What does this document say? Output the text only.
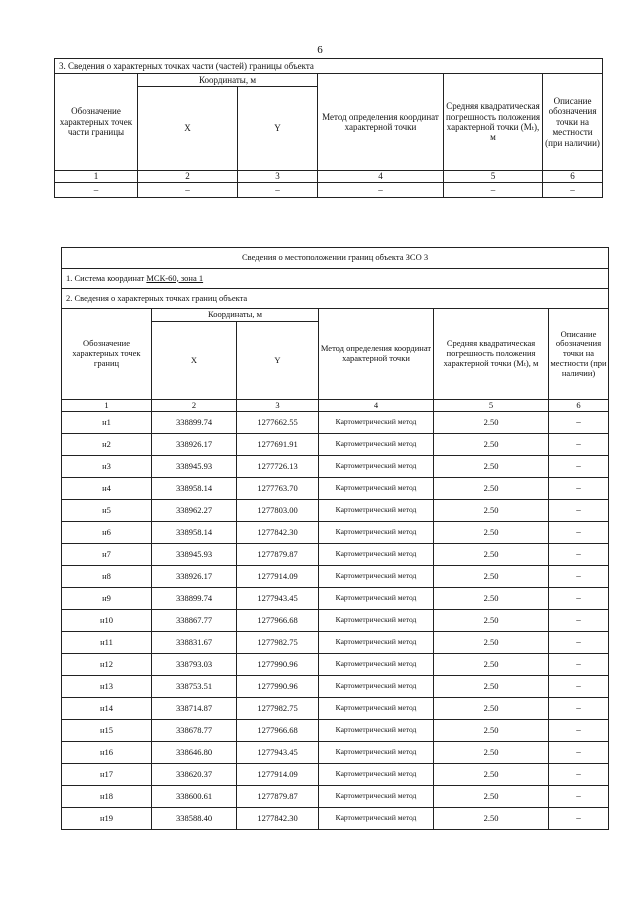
6
3. Сведения о характерных точках части (частей) границы объекта					
Обозначение характерных точек части границы	Координаты, м		Метод определения координат характерной точки	Средняя квадратическая погрешность положения характерной точки (Mₜ), м	Описание обозначения точки на местности (при наличии)
	X	Y			
1	2	3	4	5	6
–	–	–	–	–	–
Сведения о местоположении границ объекта ЗСО 3					
1. Система координат МСК-60, зона 1					
2. Сведения о характерных точках границ объекта					
Обозначение характерных точек границ	Координаты, м		Метод определения координат характерной точки	Средняя квадратическая погрешность положения характерной точки (Mₜ), м	Описание обозначения точки на местности (при наличии)
	X	Y			
1	2	3	4	5	6
н1	338899.74	1277662.55	Картометрический метод	2.50	–
н2	338926.17	1277691.91	Картометрический метод	2.50	–
н3	338945.93	1277726.13	Картометрический метод	2.50	–
н4	338958.14	1277763.70	Картометрический метод	2.50	–
н5	338962.27	1277803.00	Картометрический метод	2.50	–
н6	338958.14	1277842.30	Картометрический метод	2.50	–
н7	338945.93	1277879.87	Картометрический метод	2.50	–
н8	338926.17	1277914.09	Картометрический метод	2.50	–
н9	338899.74	1277943.45	Картометрический метод	2.50	–
н10	338867.77	1277966.68	Картометрический метод	2.50	–
н11	338831.67	1277982.75	Картометрический метод	2.50	–
н12	338793.03	1277990.96	Картометрический метод	2.50	–
н13	338753.51	1277990.96	Картометрический метод	2.50	–
н14	338714.87	1277982.75	Картометрический метод	2.50	–
н15	338678.77	1277966.68	Картометрический метод	2.50	–
н16	338646.80	1277943.45	Картометрический метод	2.50	–
н17	338620.37	1277914.09	Картометрический метод	2.50	–
н18	338600.61	1277879.87	Картометрический метод	2.50	–
н19	338588.40	1277842.30	Картометрический метод	2.50	–
